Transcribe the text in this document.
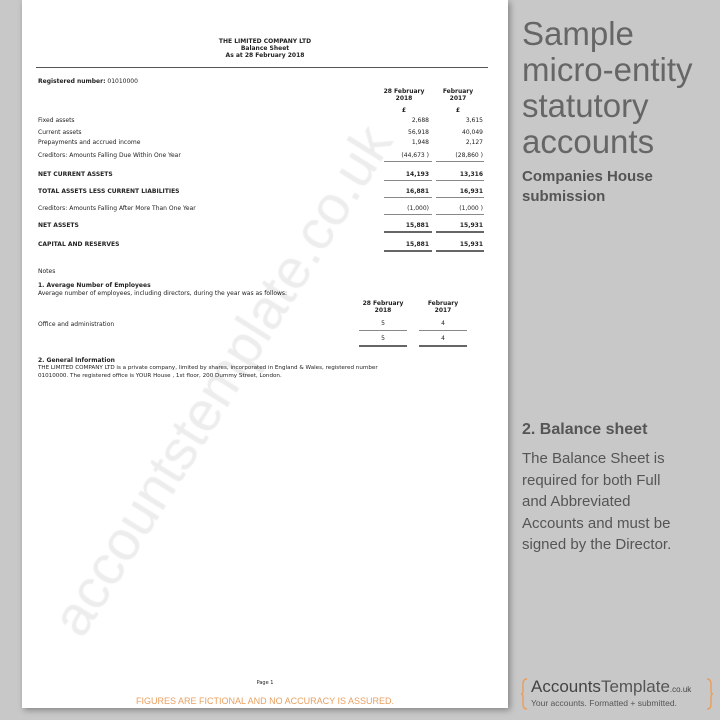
THE LIMITED COMPANY LTD
Balance Sheet
As at 28 February 2018
Registered number: 01010000
28 February
2018
February
2017
£	£
Fixed assets	2,688	3,615
Current assets	56,918	40,049
Prepayments and accrued income	1,948	2,127
Creditors: Amounts Falling Due Within One Year	(44,673 )	(28,860 )
NET CURRENT ASSETS	14,193	13,316
TOTAL ASSETS LESS CURRENT LIABILITIES	16,881	16,931
Creditors: Amounts Falling After More Than One Year	(1,000)	(1,000 )
NET ASSETS	15,881	15,931
CAPITAL AND RESERVES	15,881	15,931
Notes
1. Average Number of Employees
Average number of employees, including directors, during the year was as follows:
28 February
2018
February
2017
Office and administration	5	4
5	4
2. General Information
THE LIMITED COMPANY LTD is a private company, limited by shares, incorporated in England & Wales, registered number
01010000. The registered office is YOUR House , 1st floor, 200 Dummy Street, London.
Page 1
FIGURES ARE FICTIONAL AND NO ACCURACY IS ASSURED.
Sample
micro-entity
statutory
accounts
Companies House
submission
2. Balance sheet
The Balance Sheet is
required for both Full
and Abbreviated
Accounts and must be
signed by the Director.
AccountsTemplate.co.uk
Your accounts. Formatted + submitted.
